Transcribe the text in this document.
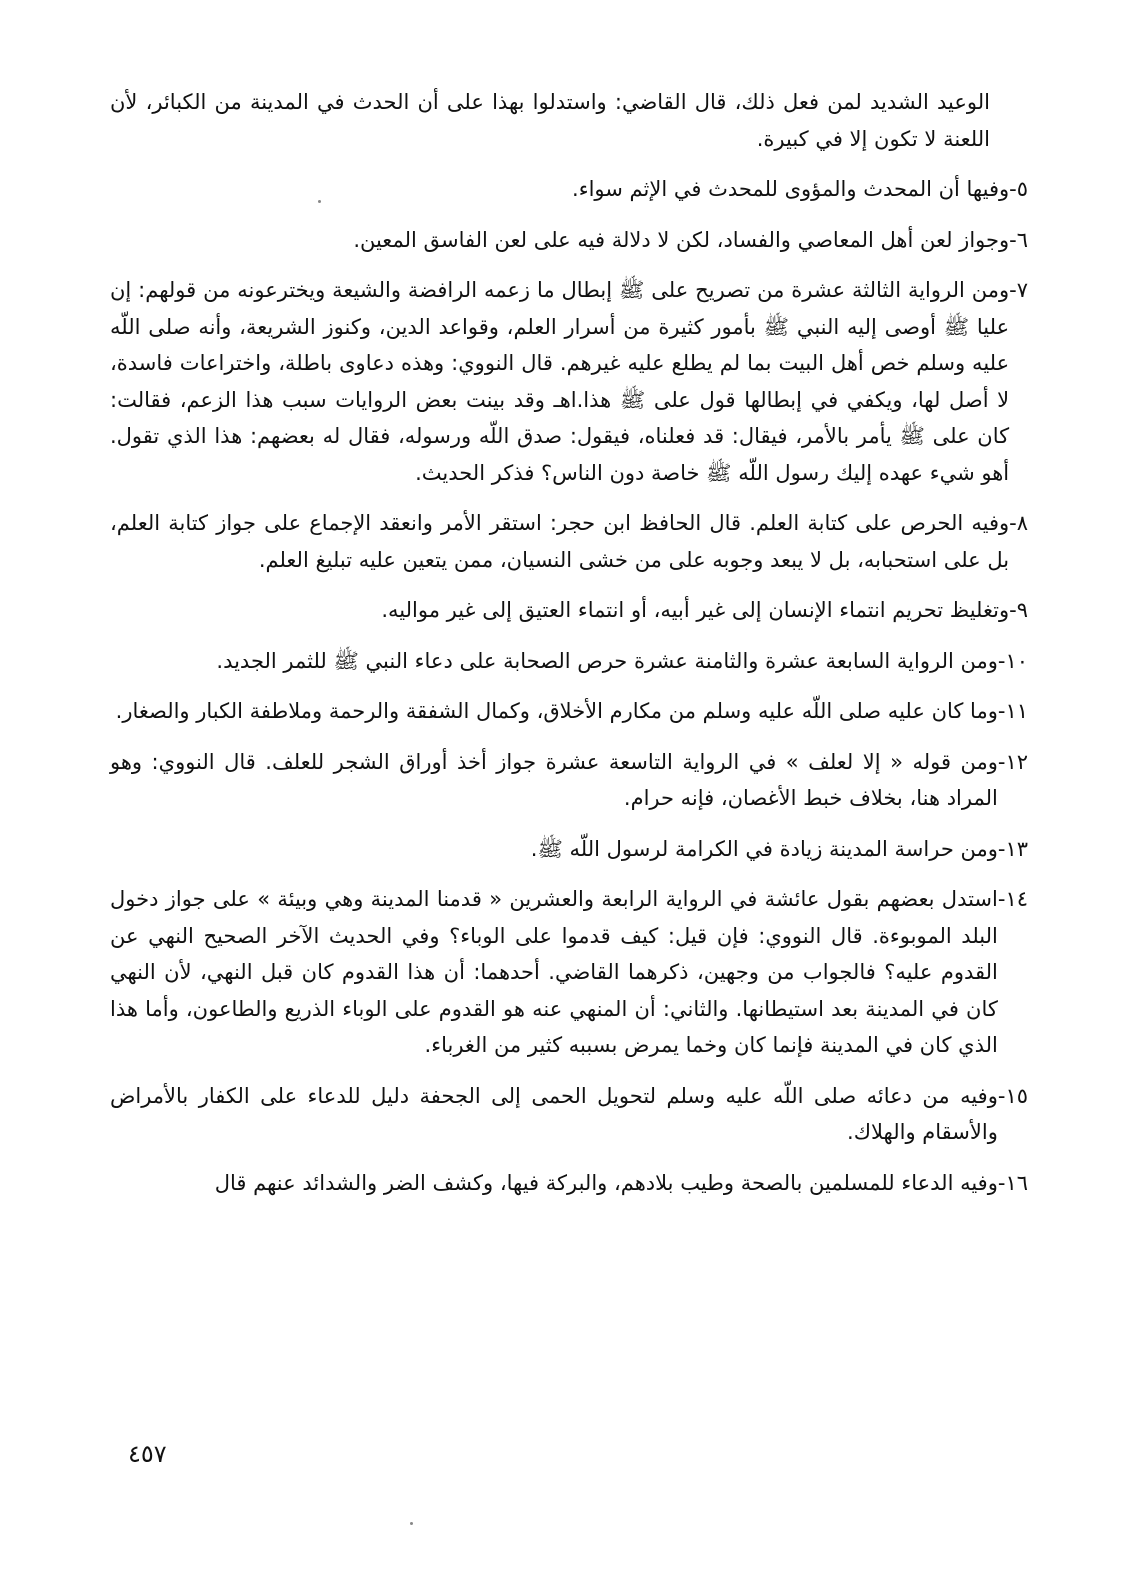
الوعيد الشديد لمن فعل ذلك، قال القاضي: واستدلوا بهذا على أن الحدث في المدينة من الكبائر، لأن اللعنة لا تكون إلا في كبيرة.

٥-
وفيها أن المحدث والمؤوى للمحدث في الإثم سواء.
٦-
وجواز لعن أهل المعاصي والفساد، لكن لا دلالة فيه على لعن الفاسق المعين.
٧-
ومن الرواية الثالثة عشرة من تصريح على ﷺ إبطال ما زعمه الرافضة والشيعة ويخترعونه من قولهم: إن عليا ﷺ أوصى إليه النبي ﷺ بأمور كثيرة من أسرار العلم، وقواعد الدين، وكنوز الشريعة، وأنه صلى اللّه عليه وسلم خص أهل البيت بما لم يطلع عليه غيرهم. قال النووي: وهذه دعاوى باطلة، واختراعات فاسدة، لا أصل لها، ويكفي في إبطالها قول على ﷺ هذا.اهـ وقد بينت بعض الروايات سبب هذا الزعم، فقالت: كان على ﷺ يأمر بالأمر، فيقال: قد فعلناه، فيقول: صدق اللّه ورسوله، فقال له بعضهم: هذا الذي تقول. أهو شيء عهده إليك رسول اللّه ﷺ خاصة دون الناس؟ فذكر الحديث.
٨-
وفيه الحرص على كتابة العلم. قال الحافظ ابن حجر: استقر الأمر وانعقد الإجماع على جواز كتابة العلم، بل على استحبابه، بل لا يبعد وجوبه على من خشى النسيان، ممن يتعين عليه تبليغ العلم.
٩-
وتغليظ تحريم انتماء الإنسان إلى غير أبيه، أو انتماء العتيق إلى غير مواليه.
١٠-
ومن الرواية السابعة عشرة والثامنة عشرة حرص الصحابة على دعاء النبي ﷺ للثمر الجديد.
١١-
وما كان عليه صلى اللّه عليه وسلم من مكارم الأخلاق، وكمال الشفقة والرحمة وملاطفة الكبار والصغار.
١٢-
ومن قوله « إلا لعلف » في الرواية التاسعة عشرة جواز أخذ أوراق الشجر للعلف. قال النووي: وهو المراد هنا، بخلاف خبط الأغصان، فإنه حرام.
١٣-
ومن حراسة المدينة زيادة في الكرامة لرسول اللّه ﷺ.
١٤-
استدل بعضهم بقول عائشة في الرواية الرابعة والعشرين « قدمنا المدينة وهي وبيئة » على جواز دخول البلد الموبوءة. قال النووي: فإن قيل: كيف قدموا على الوباء؟ وفي الحديث الآخر الصحيح النهي عن القدوم عليه؟ فالجواب من وجهين، ذكرهما القاضي. أحدهما: أن هذا القدوم كان قبل النهي، لأن النهي كان في المدينة بعد استيطانها. والثاني: أن المنهي عنه هو القدوم على الوباء الذريع والطاعون، وأما هذا الذي كان في المدينة فإنما كان وخما يمرض بسببه كثير من الغرباء.
١٥-
وفيه من دعائه صلى اللّه عليه وسلم لتحويل الحمى إلى الجحفة دليل للدعاء على الكفار بالأمراض والأسقام والهلاك.
١٦-
وفيه الدعاء للمسلمين بالصحة وطيب بلادهم، والبركة فيها، وكشف الضر والشدائد عنهم قال
٤٥٧
